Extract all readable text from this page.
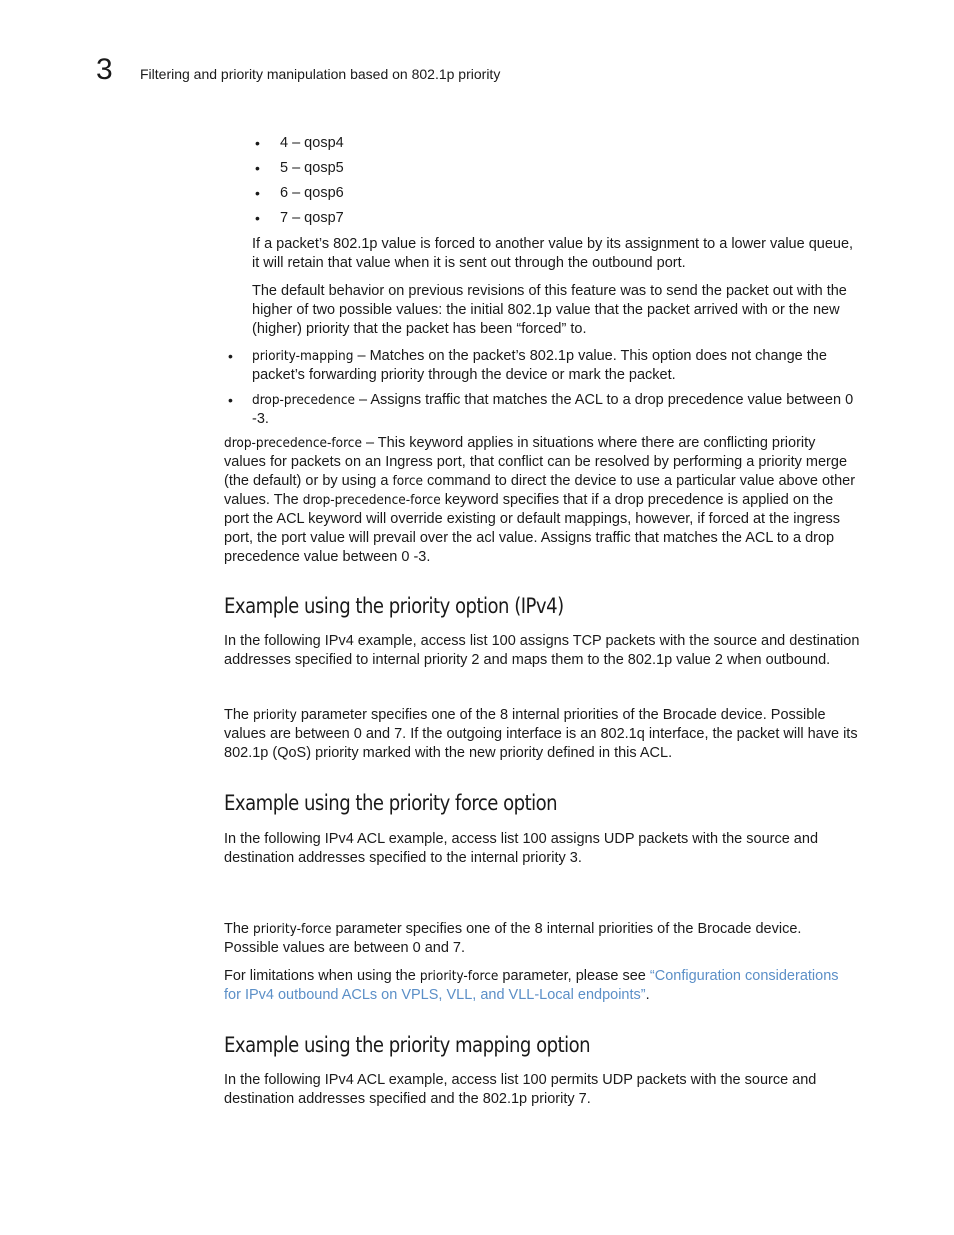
3 Filtering and priority manipulation based on 802.1p priority
• 4 – qosp4
• 5 – qosp5
• 6 – qosp6
• 7 – qosp7
If a packet’s 802.1p value is forced to another value by its assignment to a lower value queue,
it will retain that value when it is sent out through the outbound port.
The default behavior on previous revisions of this feature was to send the packet out with the
higher of two possible values: the initial 802.1p value that the packet arrived with or the new
(higher) priority that the packet has been “forced” to.
• priority-mapping – Matches on the packet’s 802.1p value. This option does not change the
packet’s forwarding priority through the device or mark the packet.
• drop-precedence – Assigns traffic that matches the ACL to a drop precedence value between 0
-3.
drop-precedence-force – This keyword applies in situations where there are conflicting priority
values for packets on an Ingress port, that conflict can be resolved by performing a priority merge
(the default) or by using a force command to direct the device to use a particular value above other
values. The drop-precedence-force keyword specifies that if a drop precedence is applied on the
port the ACL keyword will override existing or default mappings, however, if forced at the ingress
port, the port value will prevail over the acl value. Assigns traffic that matches the ACL to a drop
precedence value between 0 -3.
Example using the priority option (IPv4)
In the following IPv4 example, access list 100 assigns TCP packets with the source and destination
addresses specified to internal priority 2 and maps them to the 802.1p value 2 when outbound.
The priority parameter specifies one of the 8 internal priorities of the Brocade device. Possible
values are between 0 and 7. If the outgoing interface is an 802.1q interface, the packet will have its
802.1p (QoS) priority marked with the new priority defined in this ACL.
Example using the priority force option
In the following IPv4 ACL example, access list 100 assigns UDP packets with the source and
destination addresses specified to the internal priority 3.
The priority-force parameter specifies one of the 8 internal priorities of the Brocade device.
Possible values are between 0 and 7.
For limitations when using the priority-force parameter, please see “Configuration considerations
for IPv4 outbound ACLs on VPLS, VLL, and VLL-Local endpoints”.
Example using the priority mapping option
In the following IPv4 ACL example, access list 100 permits UDP packets with the source and
destination addresses specified and the 802.1p priority 7.
